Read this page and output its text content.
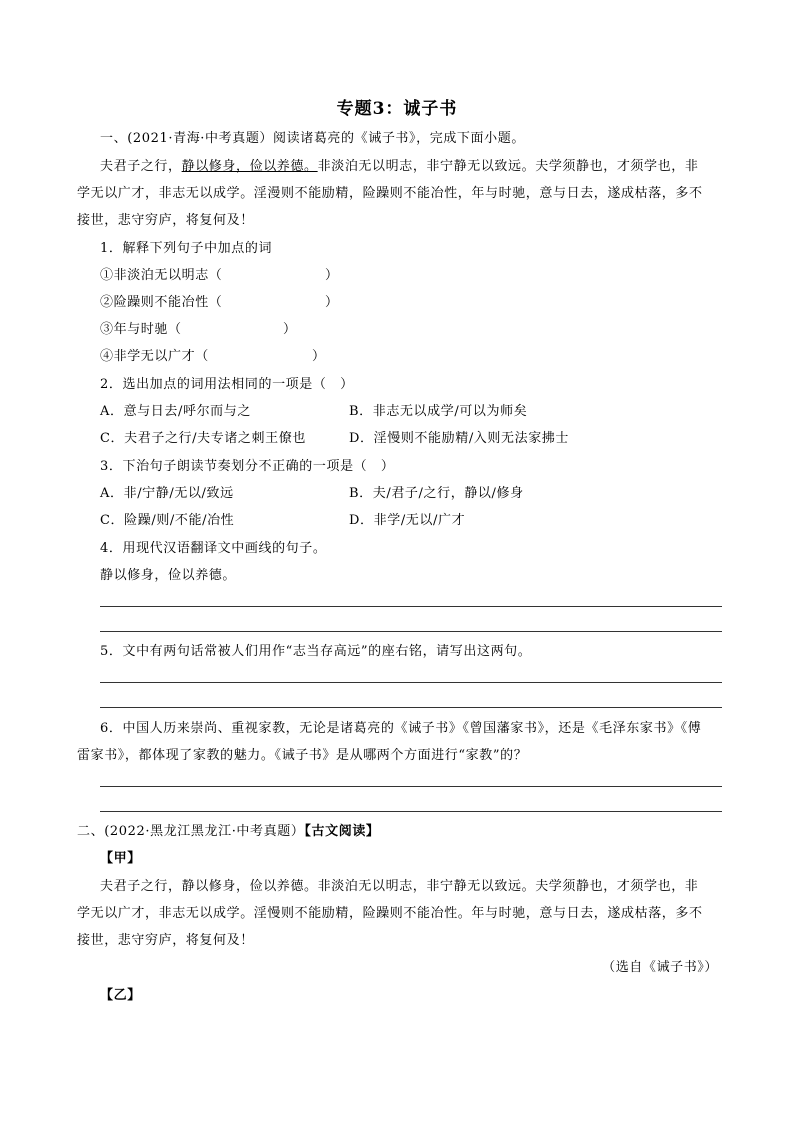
专题3：诚子书
一、(2021·青海·中考真题）阅读诸葛亮的《诫子书》，完成下面小题。
夫君子之行，静以修身，俭以养德。非淡泊无以明志，非宁静无以致远。夫学须静也，才须学也，非
学无以广才，非志无以成学。淫漫则不能励精，险躁则不能冶性，年与时驰，意与日去，遂成枯落，多不
接世，悲守穷庐，将复何及！
1．解释下列句子中加点的词
①非淡泊无以明志（	）
②险躁则不能冶性（	）
③年与时驰（	）
④非学无以广才（	）
2．选出加点的词用法相同的一项是（　）
A．意与日去/呼尔而与之	B．非志无以成学/可以为师矣
C．夫君子之行/夫专诸之刺王僚也	D．淫慢则不能励精/入则无法家拂士
3．下治句子朗读节奏划分不正确的一项是（　）
A．非/宁静/无以/致远	B．夫/君子/之行，静以/修身
C．险躁/则/不能/冶性	D．非学/无以/广才
4．用现代汉语翻译文中画线的句子。
静以修身，俭以养德。
5．文中有两句话常被人们用作“志当存高远”的座右铭，请写出这两句。
6．中国人历来崇尚、重视家教，无论是诸葛亮的《诫子书》《曾国藩家书》，还是《毛泽东家书》《傅
雷家书》，都体现了家教的魅力。《诫子书》是从哪两个方面进行“家教”的？
二、(2022·黑龙江黑龙江·中考真题）【古文阅读】
【甲】
夫君子之行，静以修身，俭以养德。非淡泊无以明志，非宁静无以致远。夫学须静也，才须学也，非
学无以广才，非志无以成学。淫慢则不能励精，险躁则不能冶性。年与时驰，意与日去，遂成枯落，多不
接世，悲守穷庐，将复何及！
（选自《诫子书》）
【乙】
